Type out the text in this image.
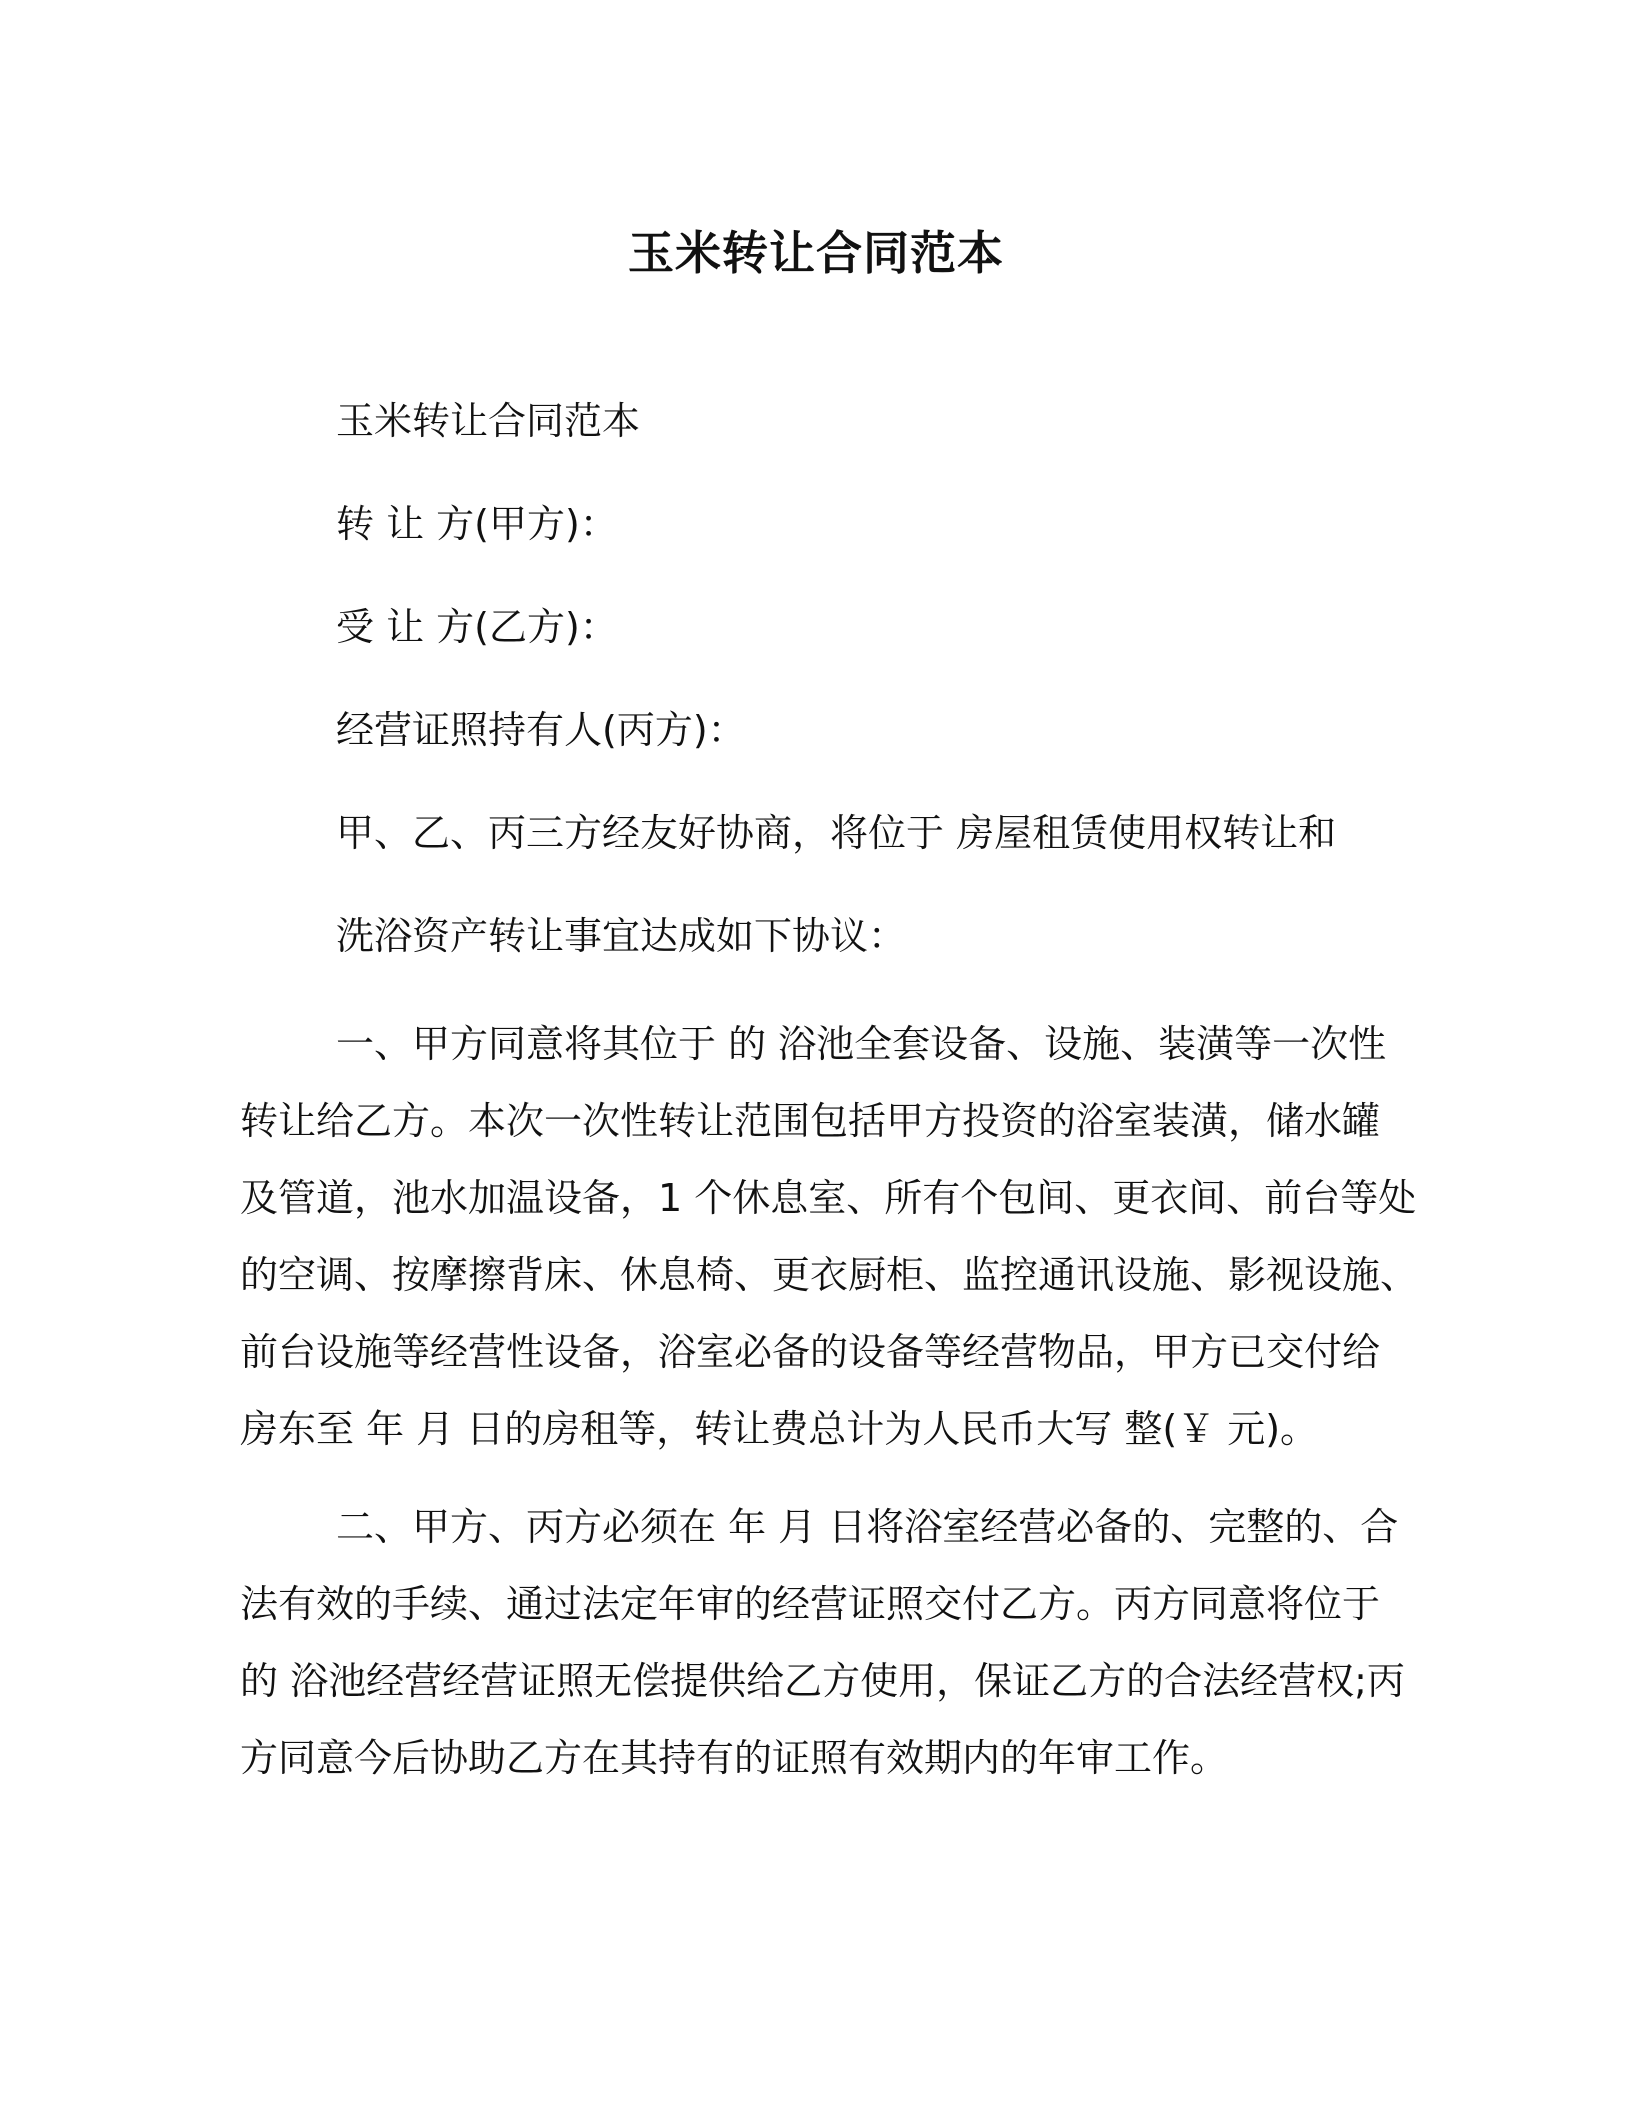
玉米转让合同范本
玉米转让合同范本
转 让 方(甲方)：
受 让 方(乙方)：
经营证照持有人(丙方)：
甲、乙、丙三方经友好协商，将位于 房屋租赁使用权转让和
洗浴资产转让事宜达成如下协议：
一、甲方同意将其位于 的 浴池全套设备、设施、装潢等一次性
转让给乙方。本次一次性转让范围包括甲方投资的浴室装潢，储水罐
及管道，池水加温设备，1 个休息室、所有个包间、更衣间、前台等处
的空调、按摩擦背床、休息椅、更衣厨柜、监控通讯设施、影视设施、
前台设施等经营性设备，浴室必备的设备等经营物品，甲方已交付给
房东至 年 月 日的房租等，转让费总计为人民币大写 整(￥ 元)。
二、甲方、丙方必须在 年 月 日将浴室经营必备的、完整的、合
法有效的手续、通过法定年审的经营证照交付乙方。丙方同意将位于
的 浴池经营经营证照无偿提供给乙方使用，保证乙方的合法经营权;丙
方同意今后协助乙方在其持有的证照有效期内的年审工作。
